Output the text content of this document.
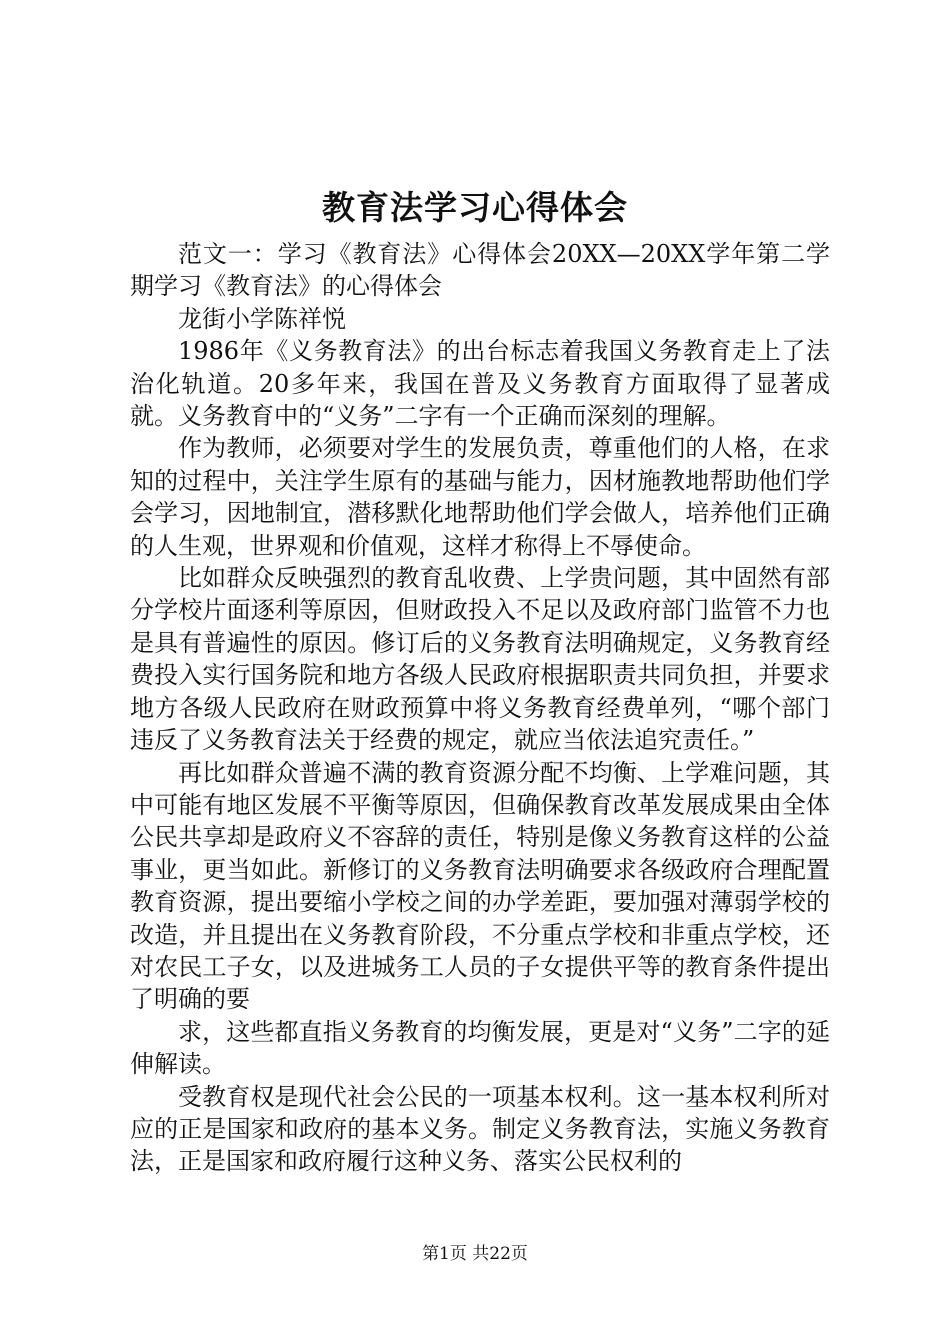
教育法学习心得体会

范文一：学习《教育法》心得体会20XX—20XX学年第二学期学习《教育法》的心得体会

龙街小学陈祥悦

1986年《义务教育法》的出台标志着我国义务教育走上了法治化轨道。20多年来，我国在普及义务教育方面取得了显著成就。义务教育中的“义务”二字有一个正确而深刻的理解。

作为教师，必须要对学生的发展负责，尊重他们的人格，在求知的过程中，关注学生原有的基础与能力，因材施教地帮助他们学会学习，因地制宜，潜移默化地帮助他们学会做人，培养他们正确的人生观，世界观和价值观，这样才称得上不辱使命。

比如群众反映强烈的教育乱收费、上学贵问题，其中固然有部分学校片面逐利等原因，但财政投入不足以及政府部门监管不力也是具有普遍性的原因。修订后的义务教育法明确规定，义务教育经费投入实行国务院和地方各级人民政府根据职责共同负担，并要求地方各级人民政府在财政预算中将义务教育经费单列，“哪个部门违反了义务教育法关于经费的规定，就应当依法追究责任。”

再比如群众普遍不满的教育资源分配不均衡、上学难问题，其中可能有地区发展不平衡等原因，但确保教育改革发展成果由全体公民共享却是政府义不容辞的责任，特别是像义务教育这样的公益事业，更当如此。新修订的义务教育法明确要求各级政府合理配置教育资源，提出要缩小学校之间的办学差距，要加强对薄弱学校的改造，并且提出在义务教育阶段，不分重点学校和非重点学校，还对农民工子女，以及进城务工人员的子女提供平等的教育条件提出了明确的要

求，这些都直指义务教育的均衡发展，更是对“义务”二字的延伸解读。

受教育权是现代社会公民的一项基本权利。这一基本权利所对应的正是国家和政府的基本义务。制定义务教育法，实施义务教育法，正是国家和政府履行这种义务、落实公民权利的

第1页 共22页
